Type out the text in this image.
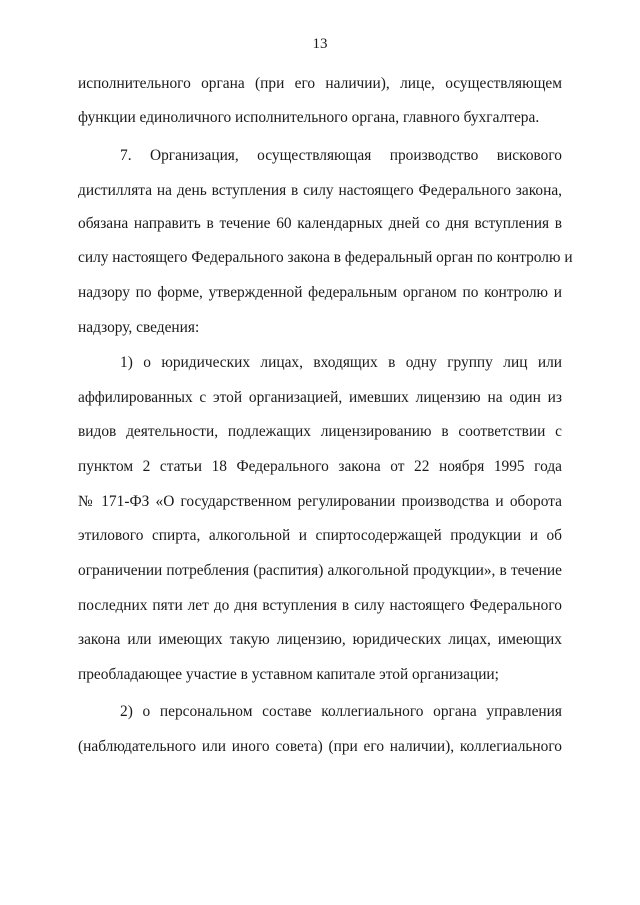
13
исполнительного органа (при его наличии), лице, осуществляющем
функции единоличного исполнительного органа, главного бухгалтера.
7. Организация, осуществляющая производство вискового
дистиллята на день вступления в силу настоящего Федерального закона,
обязана направить в течение 60 календарных дней со дня вступления в
силу настоящего Федерального закона в федеральный орган по контролю и
надзору по форме, утвержденной федеральным органом по контролю и
надзору, сведения:
1) о юридических лицах, входящих в одну группу лиц или
аффилированных с этой организацией, имевших лицензию на один из
видов деятельности, подлежащих лицензированию в соответствии с
пунктом 2 статьи 18 Федерального закона от 22 ноября 1995 года
№ 171-ФЗ «О государственном регулировании производства и оборота
этилового спирта, алкогольной и спиртосодержащей продукции и об
ограничении потребления (распития) алкогольной продукции», в течение
последних пяти лет до дня вступления в силу настоящего Федерального
закона или имеющих такую лицензию, юридических лицах, имеющих
преобладающее участие в уставном капитале этой организации;
2) о персональном составе коллегиального органа управления
(наблюдательного или иного совета) (при его наличии), коллегиального
